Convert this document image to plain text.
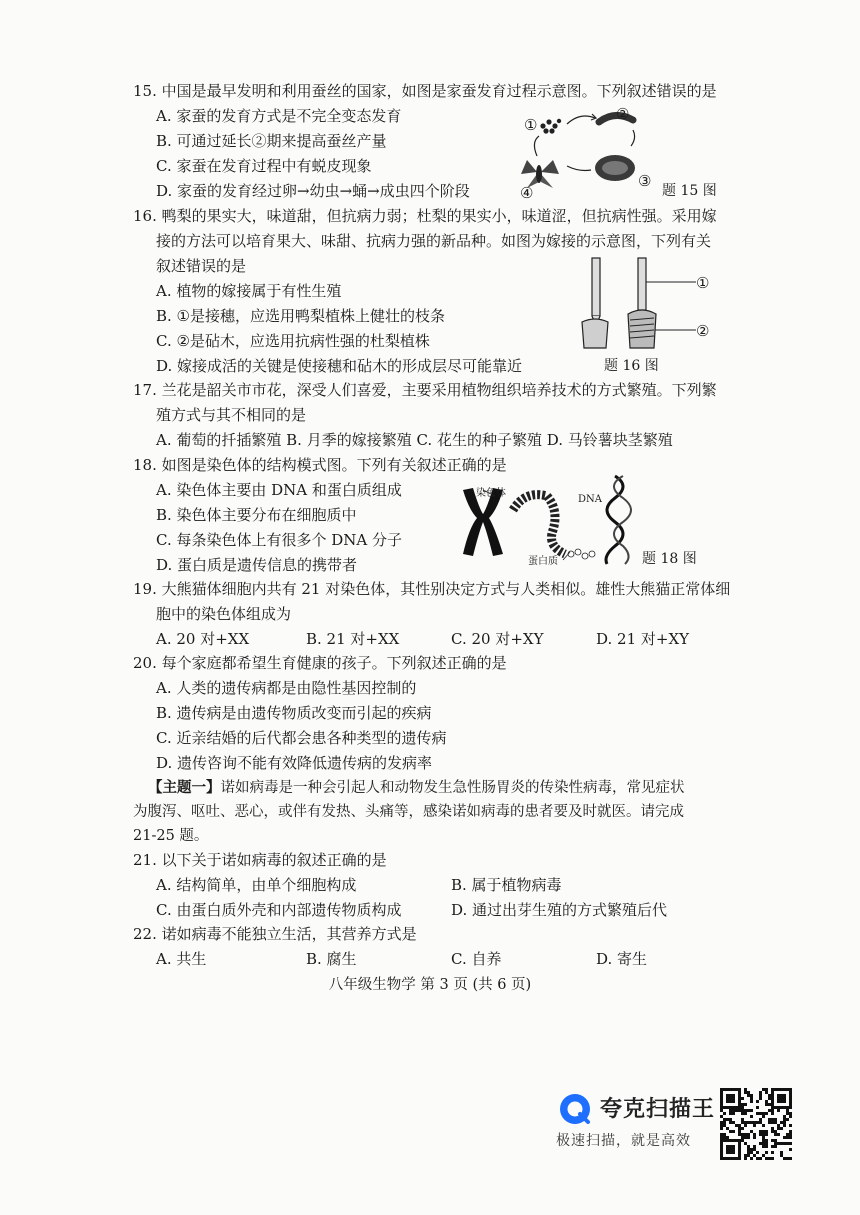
15. 中国是最早发明和利用蚕丝的国家，如图是家蚕发育过程示意图。下列叙述错误的是
A. 家蚕的发育方式是不完全变态发育
B. 可通过延长②期来提高蚕丝产量
C. 家蚕在发育过程中有蜕皮现象
D. 家蚕的发育经过卵→幼虫→蛹→成虫四个阶段
①
②
③
④	题 15 图
16. 鸭梨的果实大，味道甜，但抗病力弱；杜梨的果实小，味道涩，但抗病性强。采用嫁
接的方法可以培育果大、味甜、抗病力强的新品种。如图为嫁接的示意图，下列有关
叙述错误的是
A. 植物的嫁接属于有性生殖
B. ①是接穗，应选用鸭梨植株上健壮的枝条
C. ②是砧木，应选用抗病性强的杜梨植株
D. 嫁接成活的关键是使接穗和砧木的形成层尽可能靠近
①
②
题 16 图
17. 兰花是韶关市市花，深受人们喜爱，主要采用植物组织培养技术的方式繁殖。下列繁
殖方式与其不相同的是
A. 葡萄的扦插繁殖 B. 月季的嫁接繁殖 C. 花生的种子繁殖 D. 马铃薯块茎繁殖
18. 如图是染色体的结构模式图。下列有关叙述正确的是
A. 染色体主要由 DNA 和蛋白质组成
B. 染色体主要分布在细胞质中
C. 每条染色体上有很多个 DNA 分子
D. 蛋白质是遗传信息的携带者
染色体
DNA
蛋白质	题 18 图
19. 大熊猫体细胞内共有 21 对染色体，其性别决定方式与人类相似。雄性大熊猫正常体细
胞中的染色体组成为
A. 20 对+XX	B. 21 对+XX	C. 20 对+XY	D. 21 对+XY
20. 每个家庭都希望生育健康的孩子。下列叙述正确的是
A. 人类的遗传病都是由隐性基因控制的
B. 遗传病是由遗传物质改变而引起的疾病
C. 近亲结婚的后代都会患各种类型的遗传病
D. 遗传咨询不能有效降低遗传病的发病率
【主题一】诺如病毒是一种会引起人和动物发生急性肠胃炎的传染性病毒，常见症状
为腹泻、呕吐、恶心，或伴有发热、头痛等，感染诺如病毒的患者要及时就医。请完成
21-25 题。
21. 以下关于诺如病毒的叙述正确的是
A. 结构简单，由单个细胞构成	B. 属于植物病毒
C. 由蛋白质外壳和内部遗传物质构成	D. 通过出芽生殖的方式繁殖后代
22. 诺如病毒不能独立生活，其营养方式是
A. 共生	B. 腐生	C. 自养	D. 寄生
八年级生物学 第 3 页 (共 6 页)
夸克扫描王
极速扫描，就是高效
